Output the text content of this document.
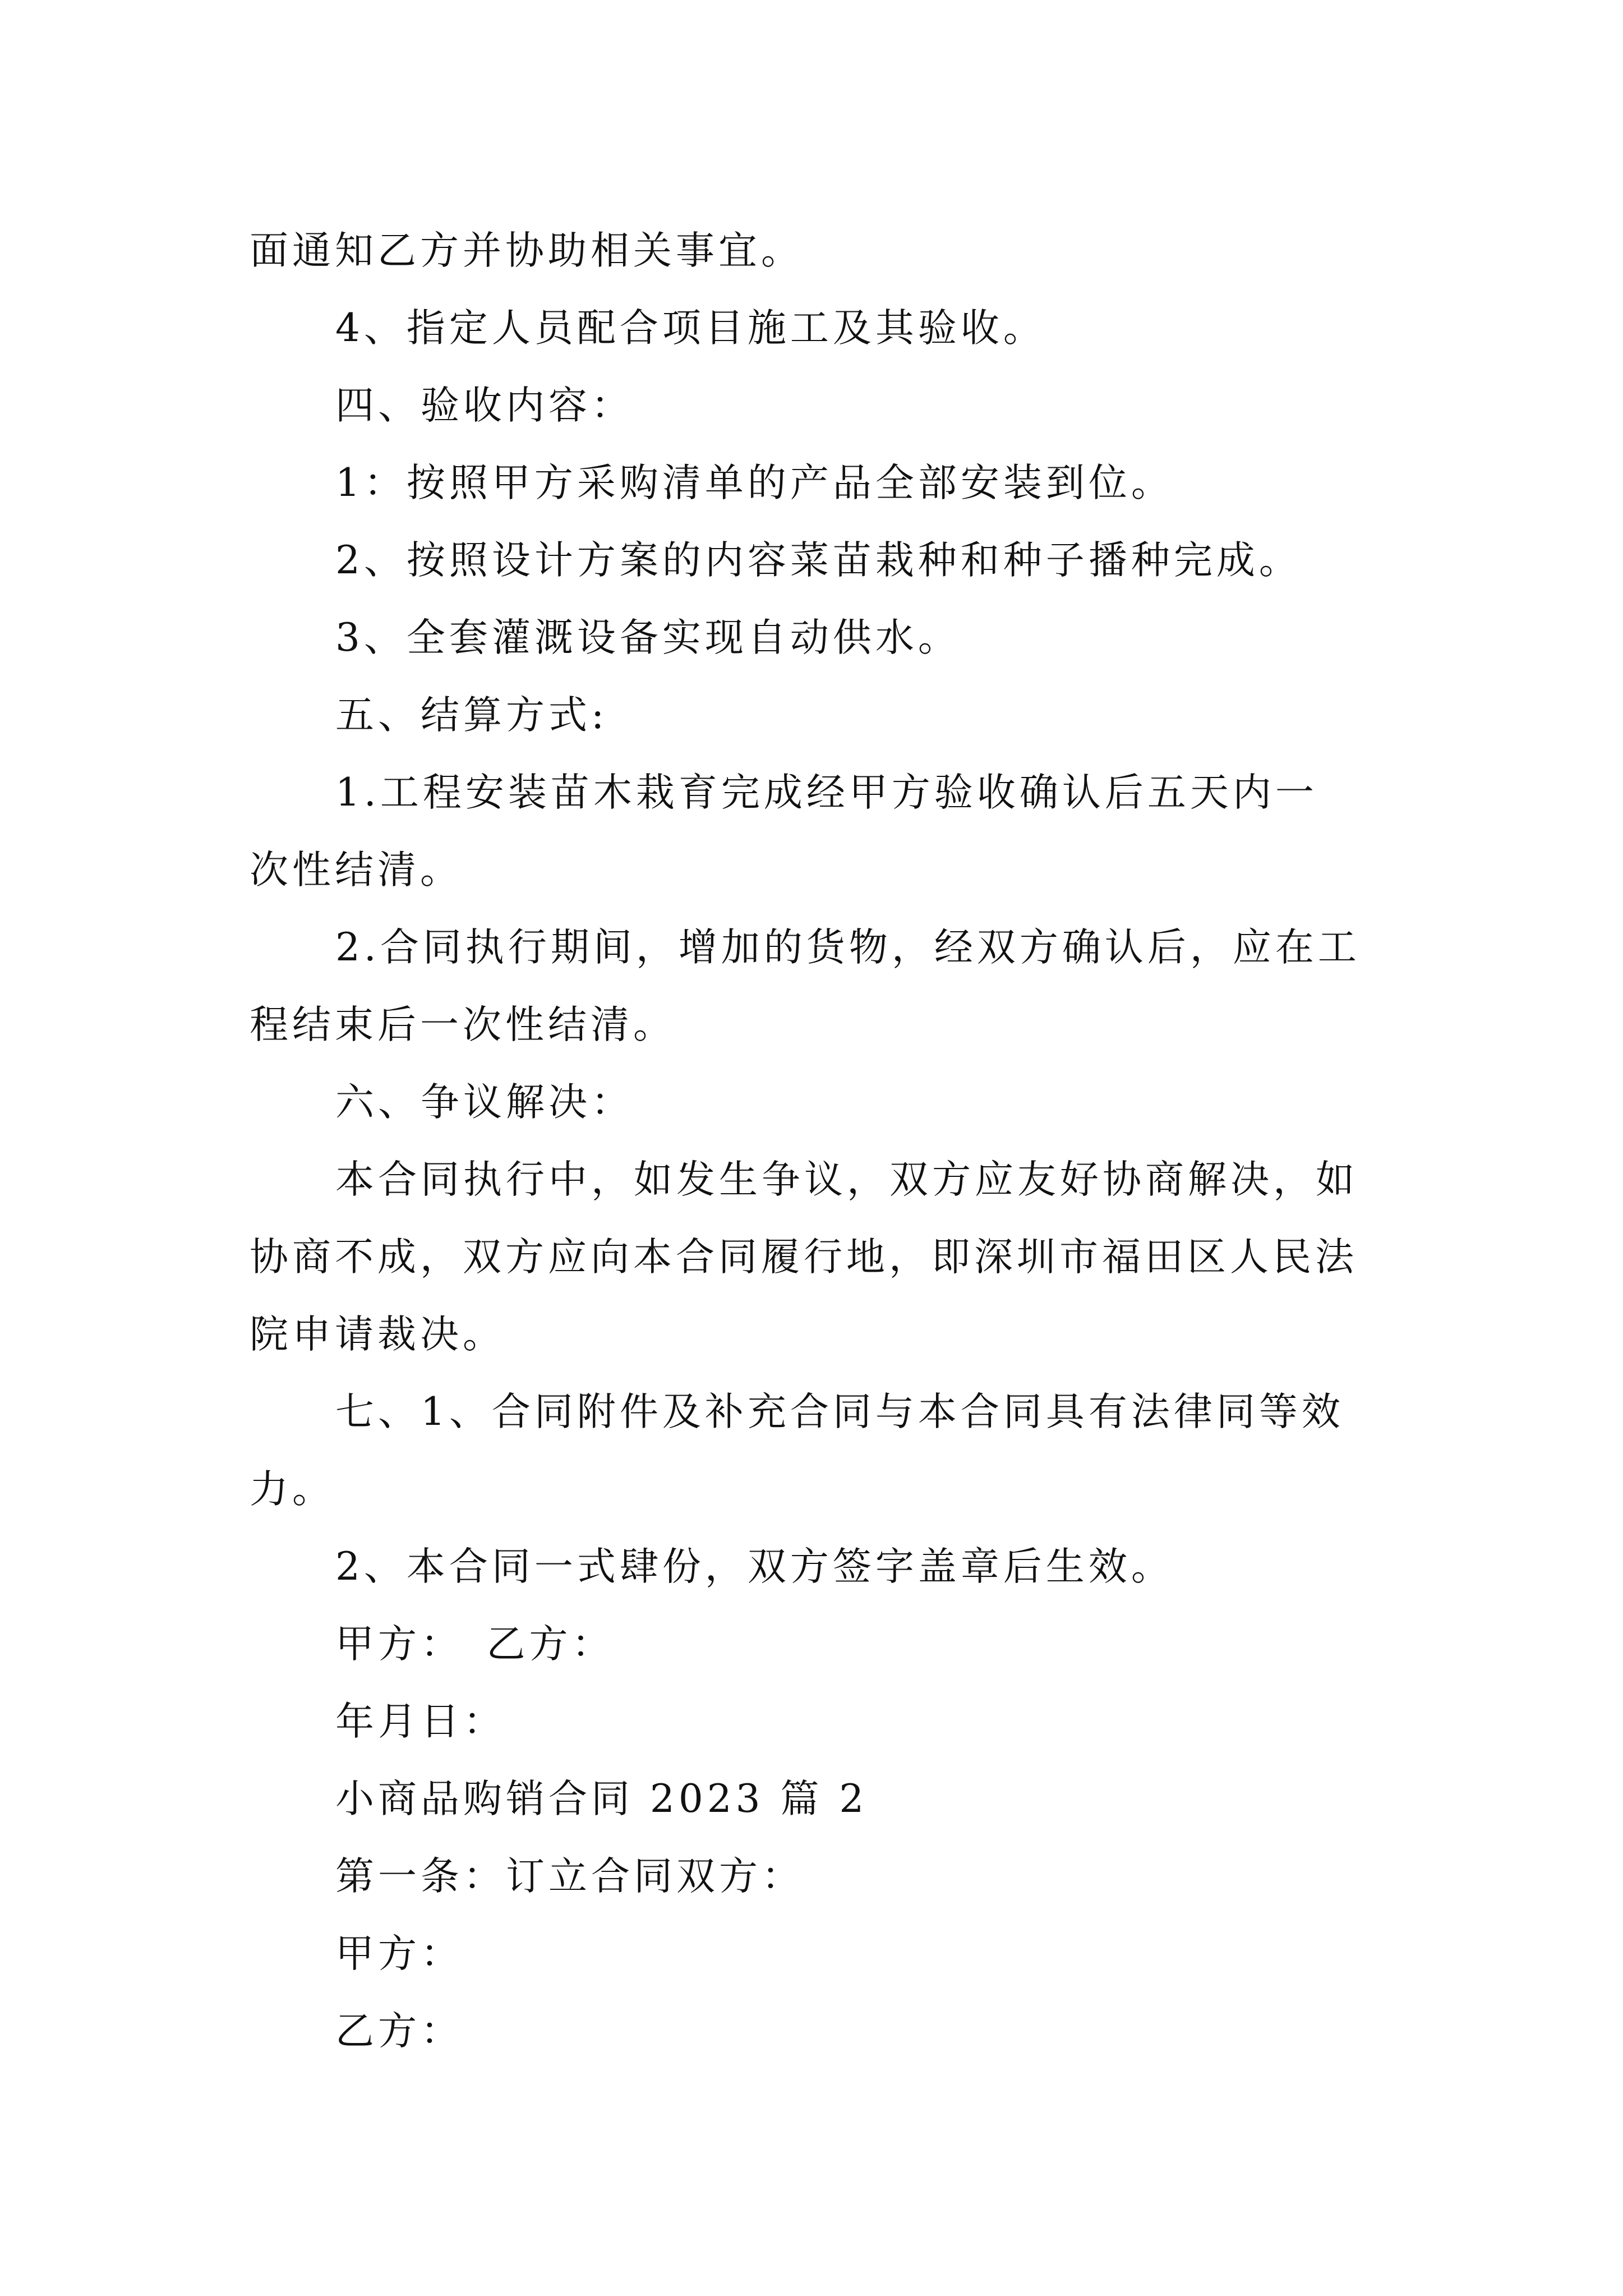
面通知乙方并协助相关事宜。

4、指定人员配合项目施工及其验收。

四、验收内容：

1：按照甲方采购清单的产品全部安装到位。

2、按照设计方案的内容菜苗栽种和种子播种完成。

3、全套灌溉设备实现自动供水。

五、结算方式:

1.工程安装苗木栽育完成经甲方验收确认后五天内一

次性结清。

2.合同执行期间，增加的货物，经双方确认后，应在工

程结束后一次性结清。

六、争议解决：

本合同执行中，如发生争议，双方应友好协商解决，如

协商不成，双方应向本合同履行地，即深圳市福田区人民法

院申请裁决。

七、1、合同附件及补充合同与本合同具有法律同等效

力。

2、本合同一式肆份，双方签字盖章后生效。

甲方：　乙方：

年月日：

小商品购销合同 2023 篇 2

第一条：订立合同双方：

甲方：

乙方：
